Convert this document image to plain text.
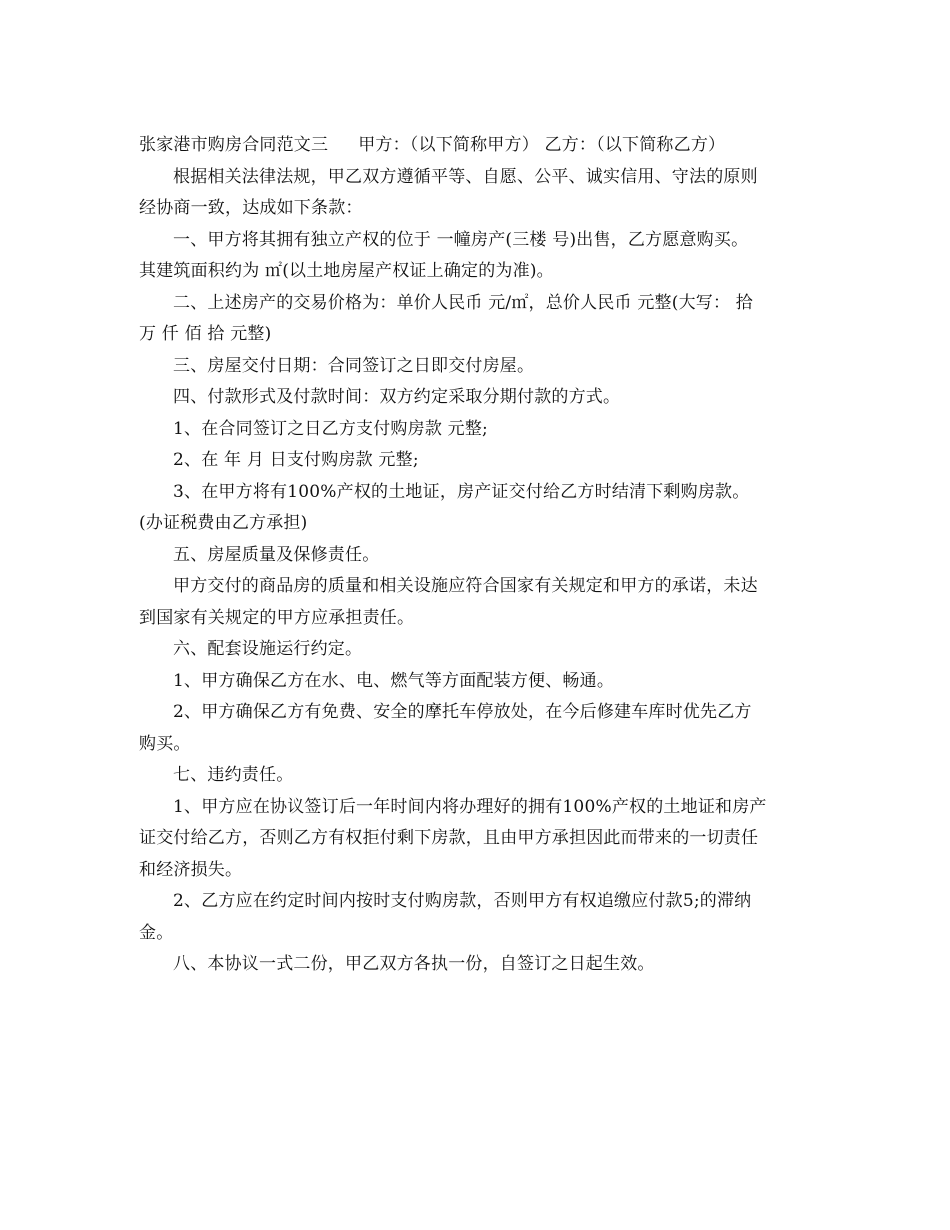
张家港市购房合同范文三 甲方：（以下简称甲方） 乙方：（以下简称乙方）

根据相关法律法规，甲乙双方遵循平等、自愿、公平、诚实信用、守法的原则

经协商一致，达成如下条款：

一、甲方将其拥有独立产权的位于 一幢房产(三楼 号)出售，乙方愿意购买。

其建筑面积约为 ㎡(以土地房屋产权证上确定的为准)。

二、上述房产的交易价格为：单价人民币 元/㎡，总价人民币 元整(大写： 拾

万 仟 佰 拾 元整)

三、房屋交付日期：合同签订之日即交付房屋。

四、付款形式及付款时间：双方约定采取分期付款的方式。

1、在合同签订之日乙方支付购房款 元整;

2、在 年 月 日支付购房款 元整;

3、在甲方将有100%产权的土地证，房产证交付给乙方时结清下剩购房款。

(办证税费由乙方承担)

五、房屋质量及保修责任。

甲方交付的商品房的质量和相关设施应符合国家有关规定和甲方的承诺，未达

到国家有关规定的甲方应承担责任。

六、配套设施运行约定。

1、甲方确保乙方在水、电、燃气等方面配装方便、畅通。

2、甲方确保乙方有免费、安全的摩托车停放处，在今后修建车库时优先乙方

购买。

七、违约责任。

1、甲方应在协议签订后一年时间内将办理好的拥有100%产权的土地证和房产

证交付给乙方，否则乙方有权拒付剩下房款，且由甲方承担因此而带来的一切责任

和经济损失。

2、乙方应在约定时间内按时支付购房款，否则甲方有权追缴应付款5;的滞纳

金。

八、本协议一式二份，甲乙双方各执一份，自签订之日起生效。
